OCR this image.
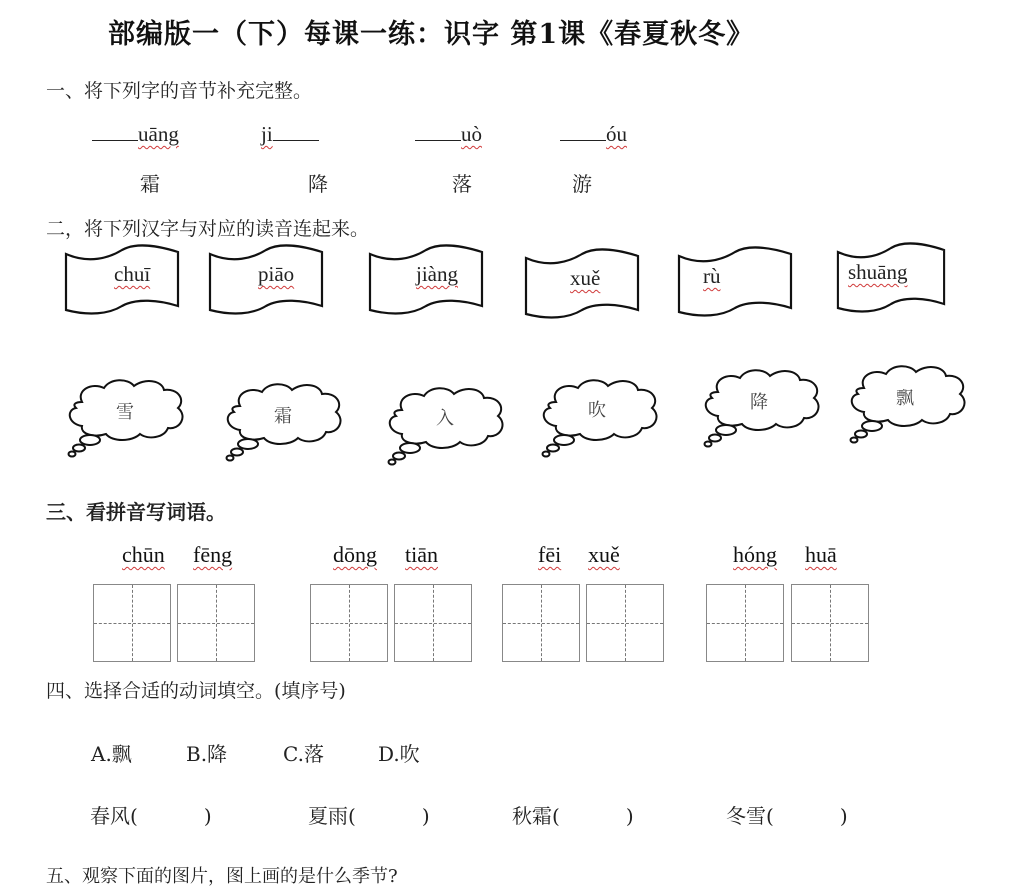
部编版一（下）每课一练：识字 第1课《春夏秋冬》
一、将下列字的音节补充完整。
uāng	ji	uò	óu
霜	降	落	游
二，将下列汉字与对应的读音连起来。
chuī	piāo	jiàng	xuě	rù	shuāng
雪	霜	入	吹	降	飘
三、看拼音写词语。
chūn fēng	dōng tiān	fēi xuě	hóng huā
四、选择合适的动词填空。(填序号)
A.飘	B.降	C.落	D.吹
春风(	)	夏雨(	)	秋霜(	)	冬雪(	)
五、观察下面的图片，图上画的是什么季节?
